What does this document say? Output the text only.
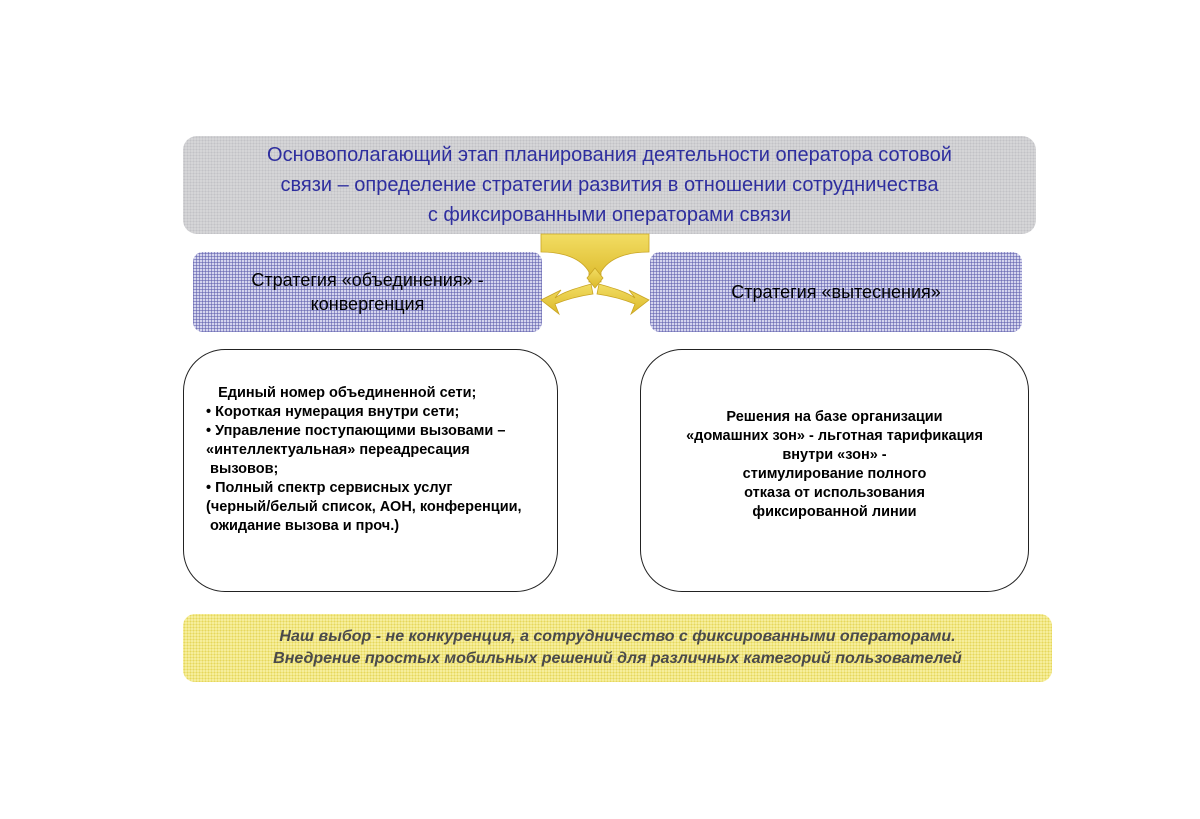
Основополагающий этап планирования деятельности оператора сотовой
связи – определение стратегии развития в отношении сотрудничества
с фиксированными операторами связи
Стратегия «объединения» -
конвергенция
Стратегия «вытеснения»
Единый номер объединенной сети;
• Короткая нумерация внутри сети;
• Управление поступающими вызовами –
«интеллектуальная» переадресация
вызовов;
• Полный спектр сервисных услуг
(черный/белый список, АОН, конференции,
ожидание вызова и проч.)
Решения на базе организации
«домашних зон» - льготная тарификация
внутри «зон» -
стимулирование полного
отказа от использования
фиксированной линии
Наш выбор - не конкуренция, а сотрудничество с фиксированными операторами.
Внедрение простых мобильных решений для различных категорий пользователей
